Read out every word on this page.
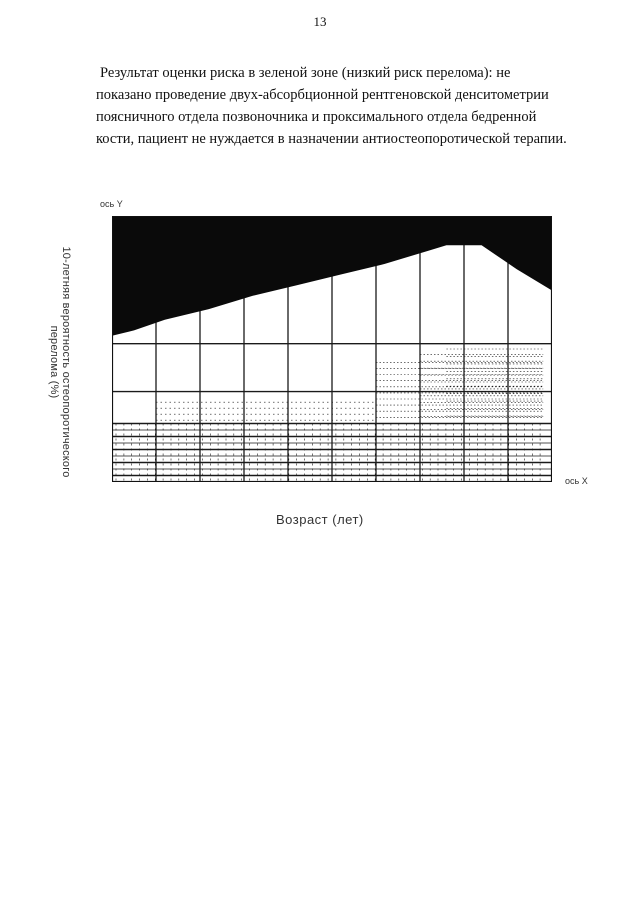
13
Результат оценки риска в зеленой зоне (низкий риск перелома): не
показано проведение двух-абсорбционной рентгеновской денситометрии
поясничного отдела позвоночника и проксимального отдела бедренной
кости, пациент не нуждается в назначении антиостеопоротической терапии.
10-летняя вероятность остеопоротического
перелома (%)
ось Y
ось X
Возраст (лет)
